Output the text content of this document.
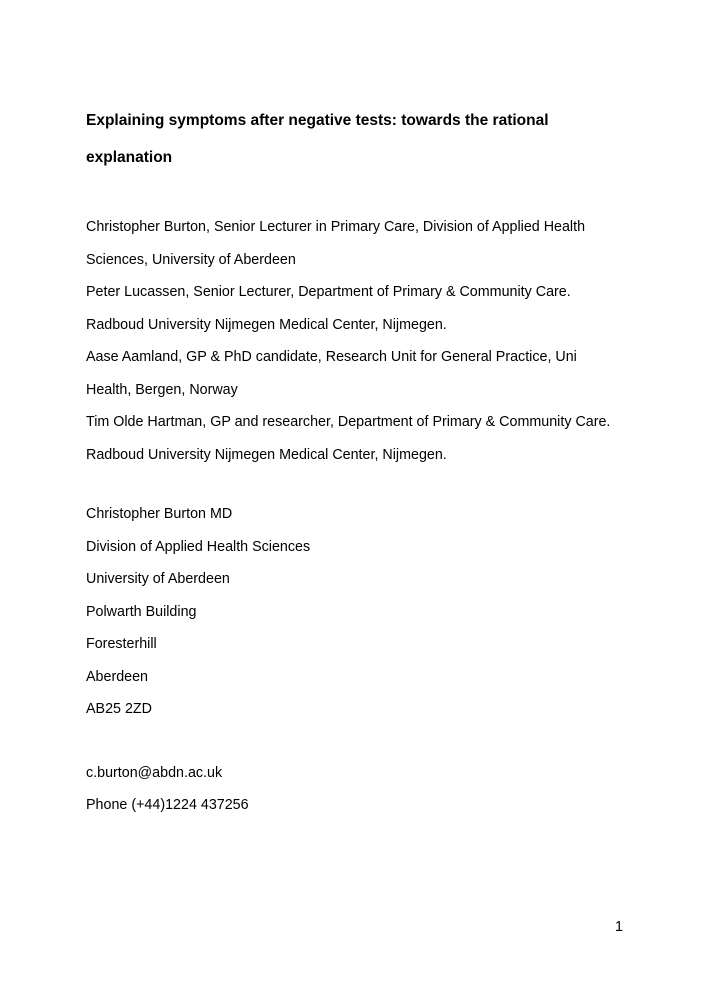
Explaining symptoms after negative tests: towards the rational
explanation
Christopher Burton, Senior Lecturer in Primary Care, Division of Applied Health
Sciences, University of Aberdeen
Peter Lucassen, Senior Lecturer, Department of Primary & Community Care.
Radboud University Nijmegen Medical Center, Nijmegen.
Aase Aamland, GP & PhD candidate, Research Unit for General Practice, Uni
Health, Bergen, Norway
Tim Olde Hartman, GP and researcher, Department of Primary & Community Care.
Radboud University Nijmegen Medical Center, Nijmegen.
Christopher Burton MD
Division of Applied Health Sciences
University of Aberdeen
Polwarth Building
Foresterhill
Aberdeen
AB25 2ZD
c.burton@abdn.ac.uk
Phone (+44)1224 437256
1
